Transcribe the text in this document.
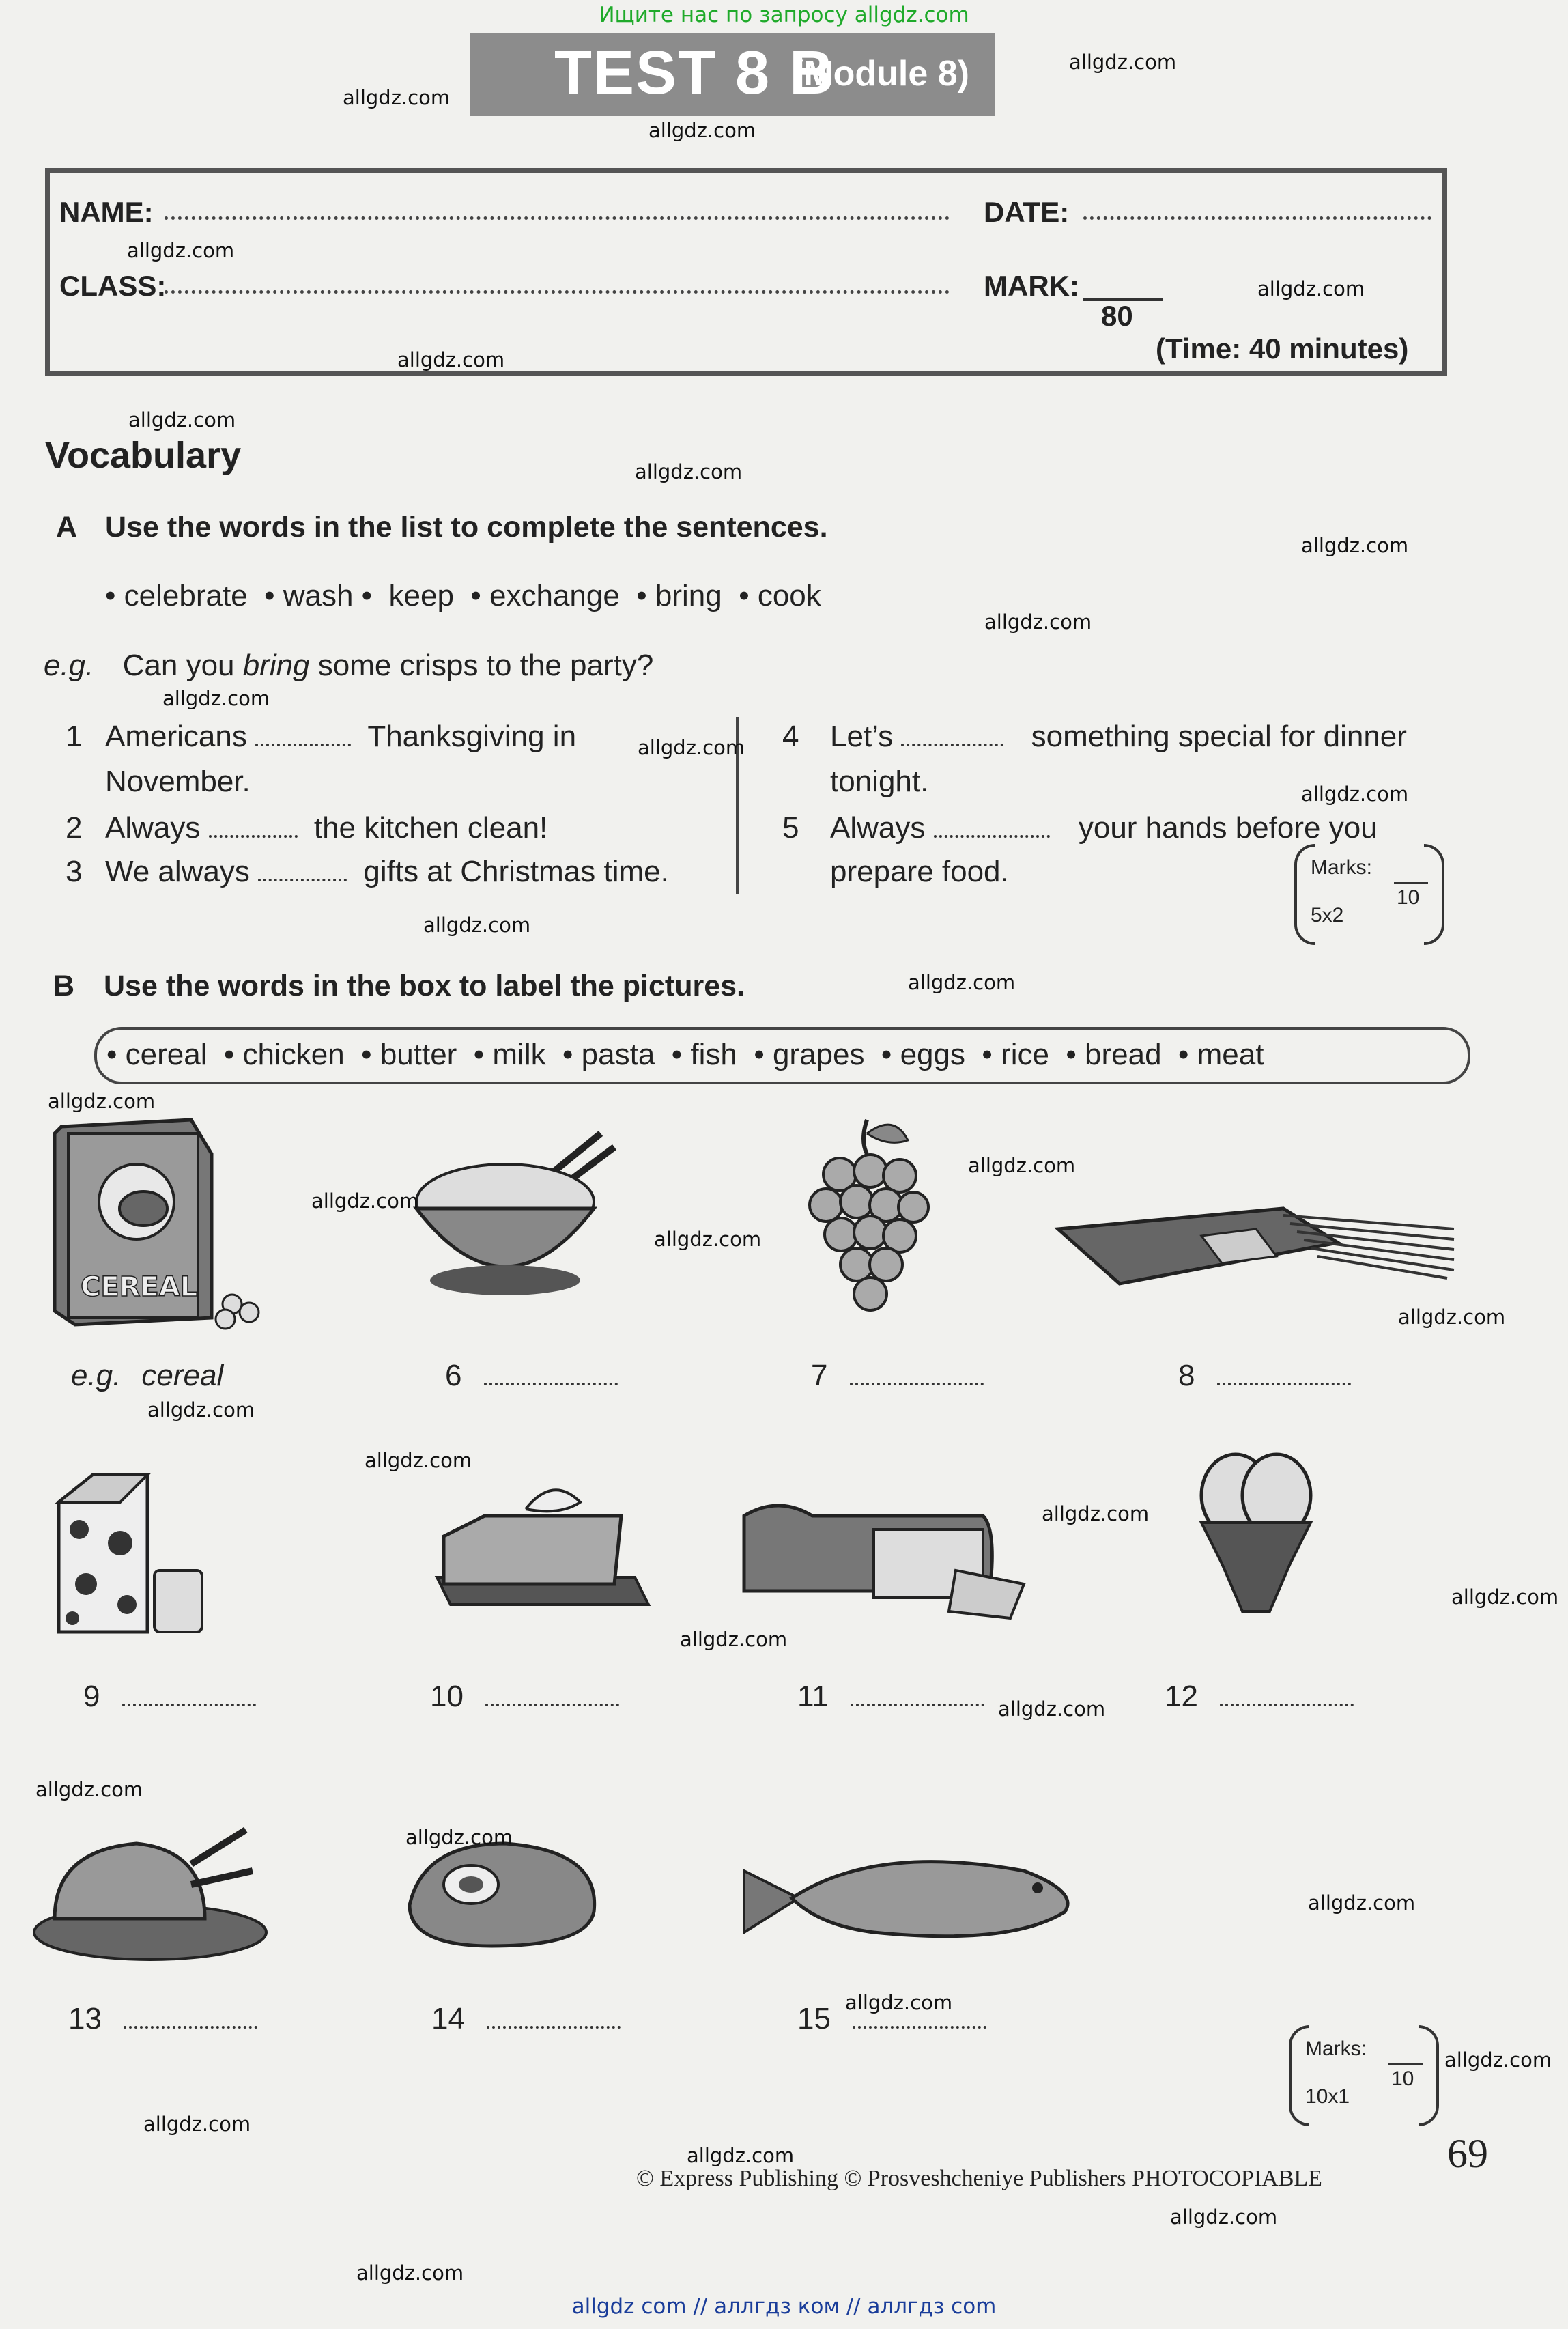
Ищите нас по запросу allgdz.com
TEST 8 B
(Module 8)
NAME:	DATE:
CLASS:	MARK:
80
(Time: 40 minutes)
Vocabulary
A Use the words in the list to complete the sentences.
• celebrate  • wash •  keep  • exchange  • bring  • cook
e.g. Can you bring some crisps to the party?
1 Americans	Thanksgiving in
November.
2 Always	the kitchen clean!
3 We always	gifts at Christmas time.
4 Let’s	something special for dinner
tonight.
5 Always	your hands before you
prepare food.	Marks:
10
5x2
B Use the words in the box to label the pictures.
• cereal  • chicken  • butter  • milk  • pasta  • fish  • grapes  • eggs  • rice  • bread  • meat
CEREAL
e.g. cereal	6	7	8
9	10	11	12
13	14	15
Marks:
10
10x1
69
© Express Publishing © Prosveshcheniye Publishers PHOTOCOPIABLE
allgdz.com
allgdz.com
allgdz.com
allgdz.com
allgdz.com
allgdz.com
allgdz.com
allgdz.com
allgdz.com
allgdz.com
allgdz.com
allgdz.com
allgdz.com
allgdz.com
allgdz.com
allgdz.com
allgdz.com
allgdz.com
allgdz.com
allgdz.com
allgdz.com
allgdz.com
allgdz.com
allgdz.com
allgdz.com
allgdz.com
allgdz.com
allgdz.com
allgdz.com
allgdz.com
allgdz.com
allgdz.com
allgdz.com
allgdz.com
allgdz.com
allgdz com // аллгдз ком // аллгдз com
